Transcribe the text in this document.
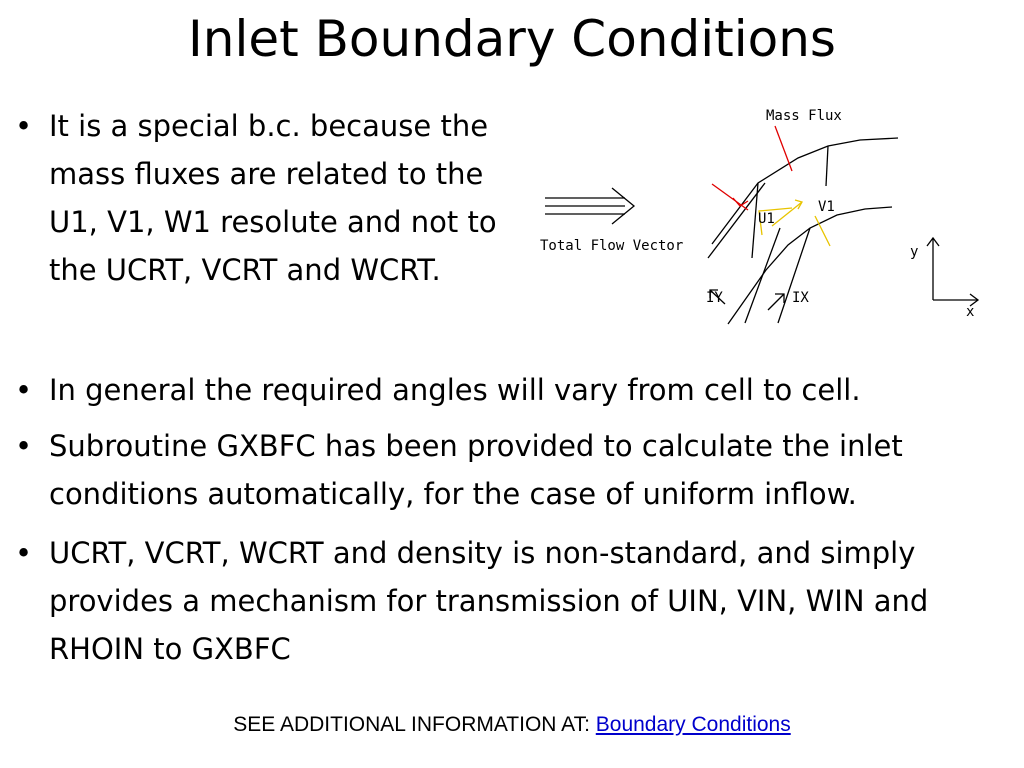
Inlet Boundary Conditions
• It is a special b.c. because the mass fluxes are related to the U1, V1, W1 resolute and not to the UCRT, VCRT and WCRT.
Mass Flux
Total Flow Vector
U1
V1
IY	IX
y
x
• In general the required angles will vary from cell to cell.
• Subroutine GXBFC has been provided to calculate the inlet conditions automatically, for the case of uniform inflow.
• UCRT, VCRT, WCRT and density is non-standard, and simply provides a mechanism for transmission of UIN, VIN, WIN and RHOIN to GXBFC
SEE ADDITIONAL INFORMATION AT: Boundary Conditions
